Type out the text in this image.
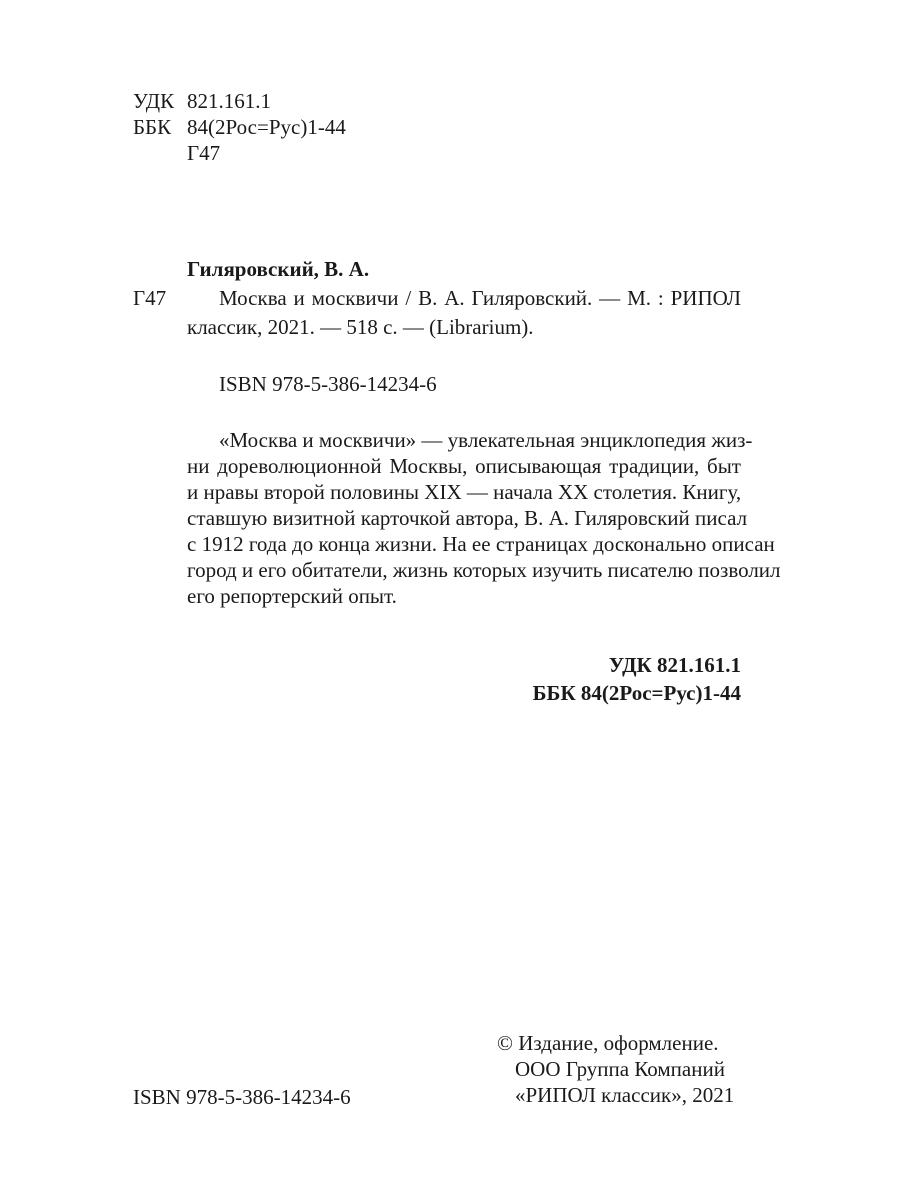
УДК	821.161.1
ББК	84(2Рос=Рус)1-44
	Г47
Гиляровский, В. А.
Г47	Москва и москвичи / В. А. Гиляровский. — М. : РИПОЛ
классик, 2021. — 518 с. — (Librarium).
ISBN 978-5-386-14234-6
«Москва и москвичи» — увлекательная энциклопедия жиз-
ни дореволюционной Москвы, описывающая традиции, быт
и нравы второй половины XIX — начала XX столетия. Книгу,
ставшую визитной карточкой автора, В. А. Гиляровский писал
с 1912 года до конца жизни. На ее страницах досконально описан
город и его обитатели, жизнь которых изучить писателю позволил
его репортерский опыт.
УДК 821.161.1
ББК 84(2Рос=Рус)1-44
ISBN 978-5-386-14234-6
© Издание, оформление.
ООО Группа Компаний
«РИПОЛ классик», 2021
